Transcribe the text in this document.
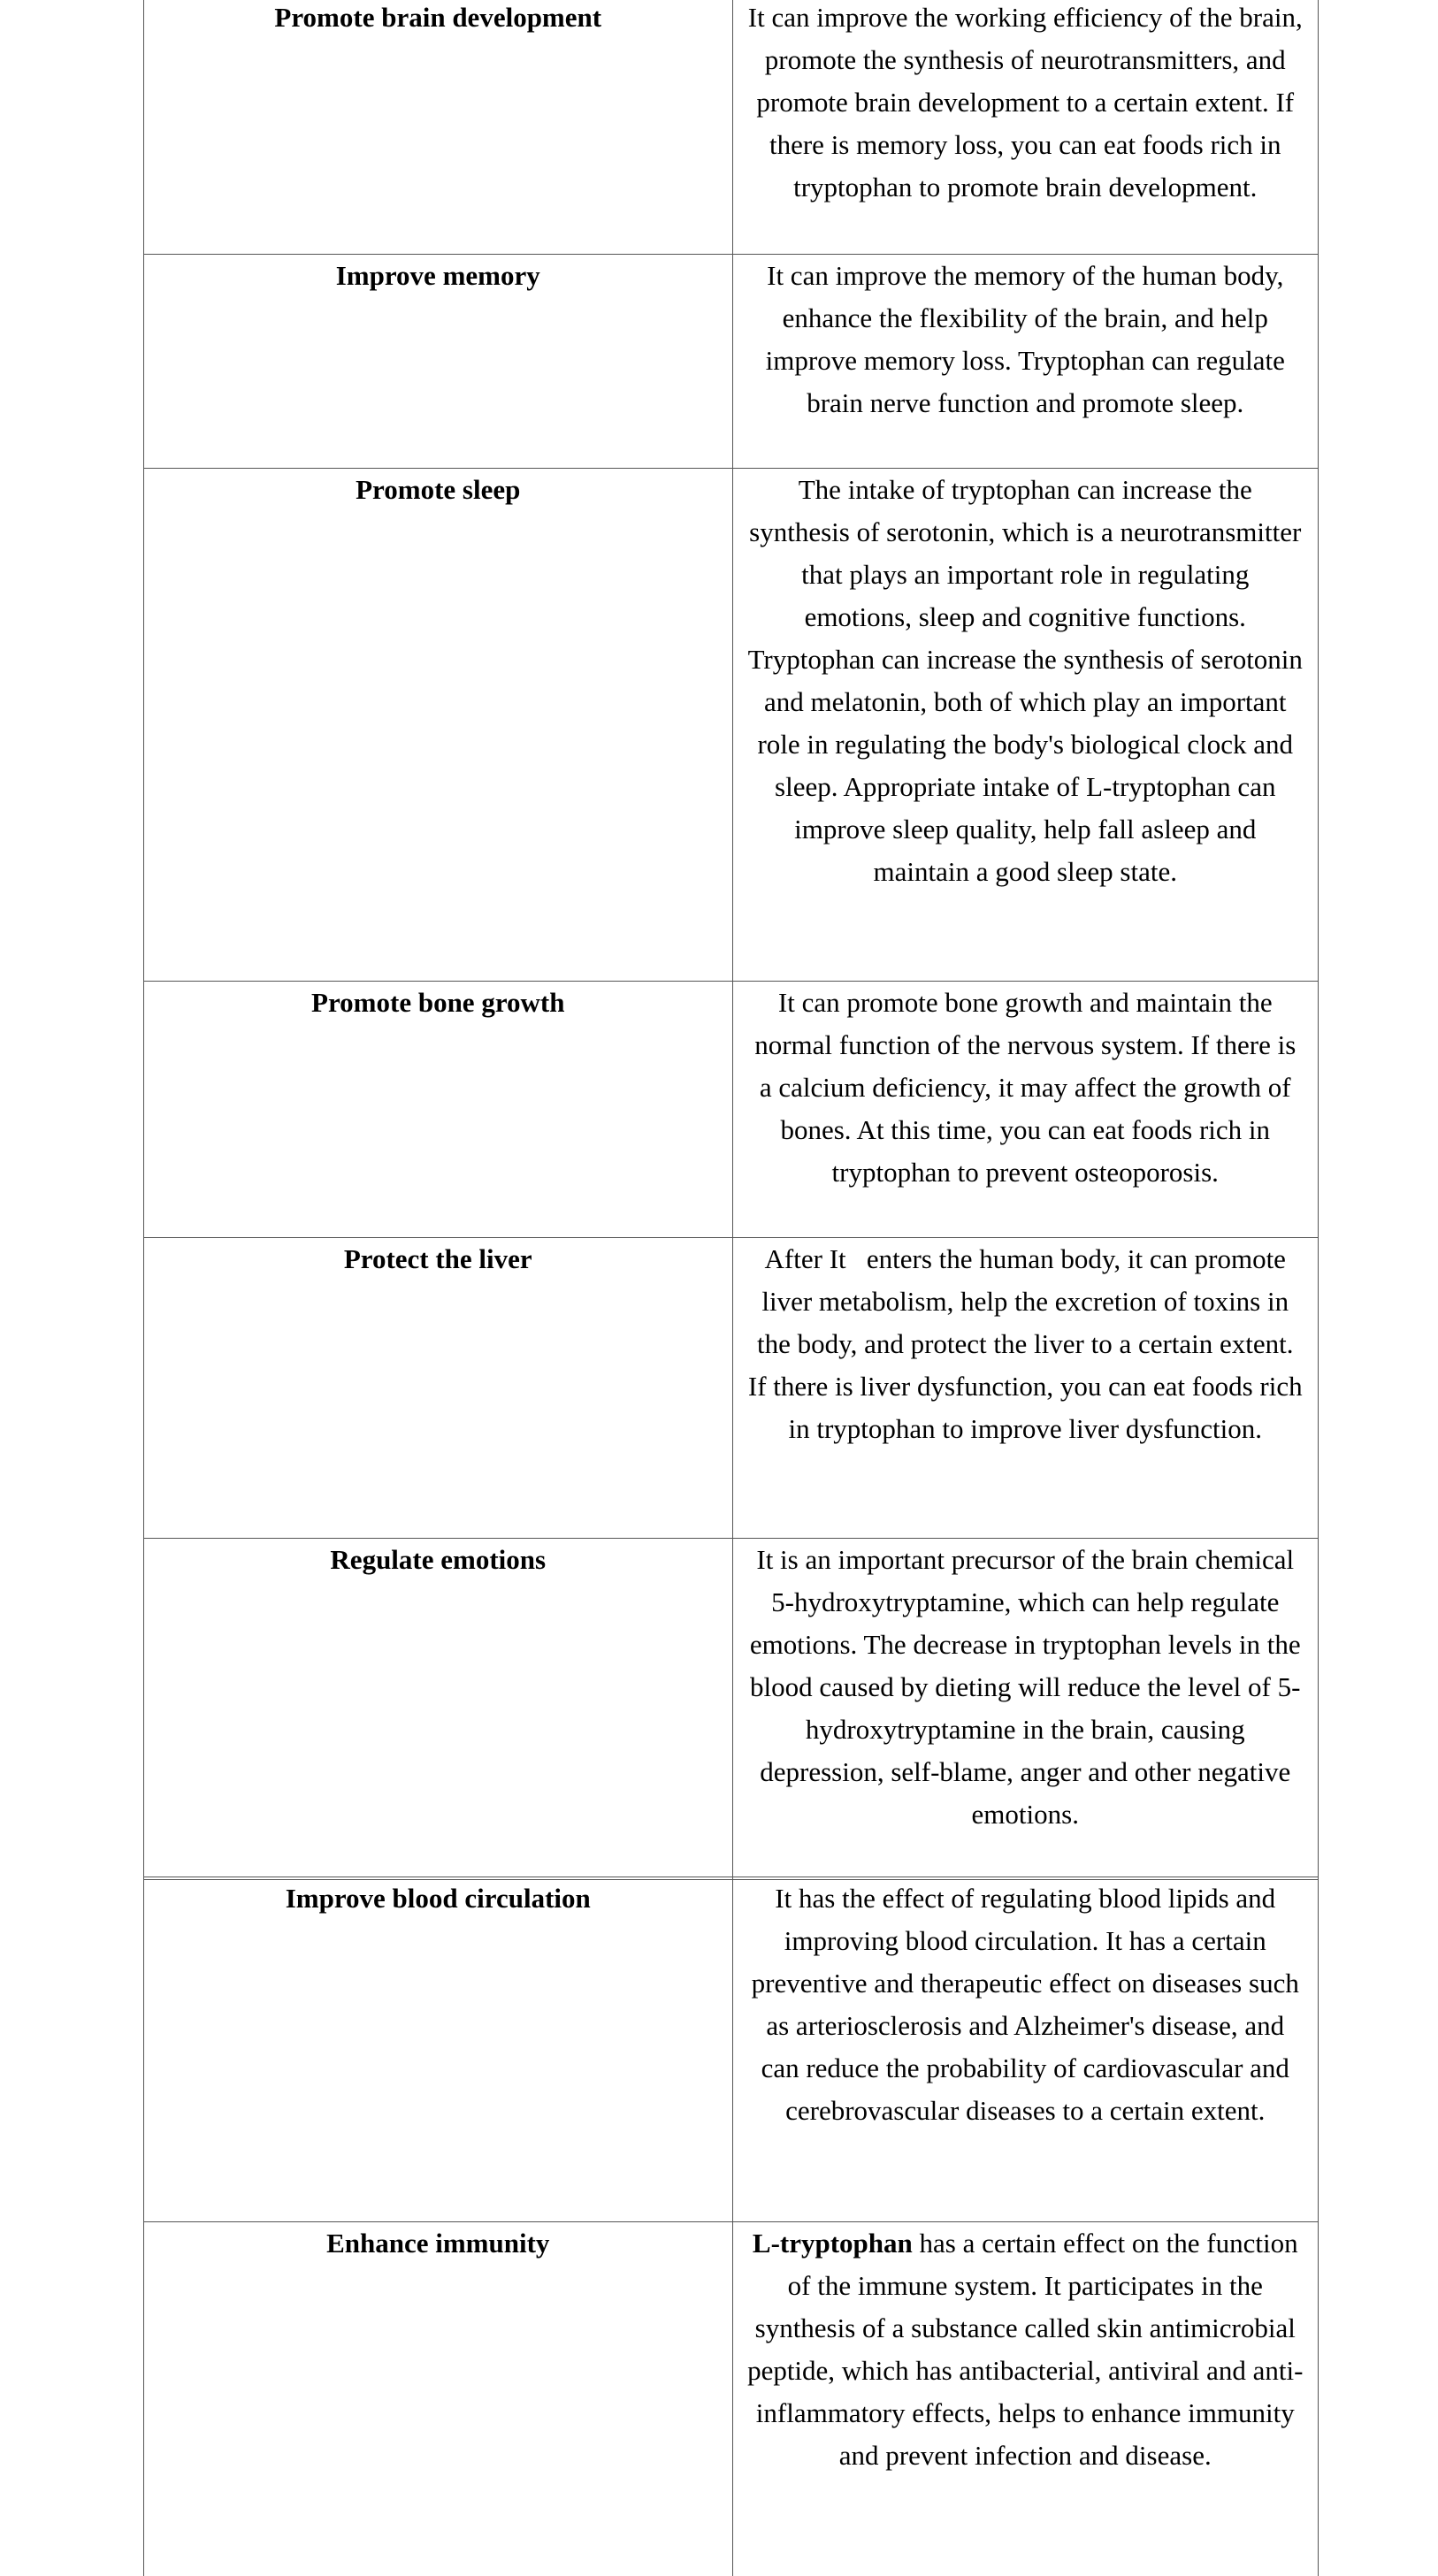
Promote brain development	It can improve the working efficiency of the brain, promote the synthesis of neurotransmitters, and promote brain development to a certain extent. If there is memory loss, you can eat foods rich in tryptophan to promote brain development.
Improve memory	It can improve the memory of the human body, enhance the flexibility of the brain, and help improve memory loss. Tryptophan can regulate brain nerve function and promote sleep.
Promote sleep	The intake of tryptophan can increase the synthesis of serotonin, which is a neurotransmitter that plays an important role in regulating emotions, sleep and cognitive functions. Tryptophan can increase the synthesis of serotonin and melatonin, both of which play an important role in regulating the body's biological clock and sleep. Appropriate intake of L-tryptophan can improve sleep quality, help fall asleep and maintain a good sleep state.
Promote bone growth	It can promote bone growth and maintain the normal function of the nervous system. If there is a calcium deficiency, it may affect the growth of bones. At this time, you can eat foods rich in tryptophan to prevent osteoporosis.
Protect the liver	After It   enters the human body, it can promote liver metabolism, help the excretion of toxins in the body, and protect the liver to a certain extent. If there is liver dysfunction, you can eat foods rich in tryptophan to improve liver dysfunction.
Regulate emotions	It is an important precursor of the brain chemical 5-hydroxytryptamine, which can help regulate emotions. The decrease in tryptophan levels in the blood caused by dieting will reduce the level of 5-hydroxytryptamine in the brain, causing depression, self-blame, anger and other negative emotions.
Improve blood circulation	It has the effect of regulating blood lipids and improving blood circulation. It has a certain preventive and therapeutic effect on diseases such as arteriosclerosis and Alzheimer's disease, and can reduce the probability of cardiovascular and cerebrovascular diseases to a certain extent.
Enhance immunity	L-tryptophan has a certain effect on the function of the immune system. It participates in the synthesis of a substance called skin antimicrobial peptide, which has antibacterial, antiviral and anti-inflammatory effects, helps to enhance immunity and prevent infection and disease.
